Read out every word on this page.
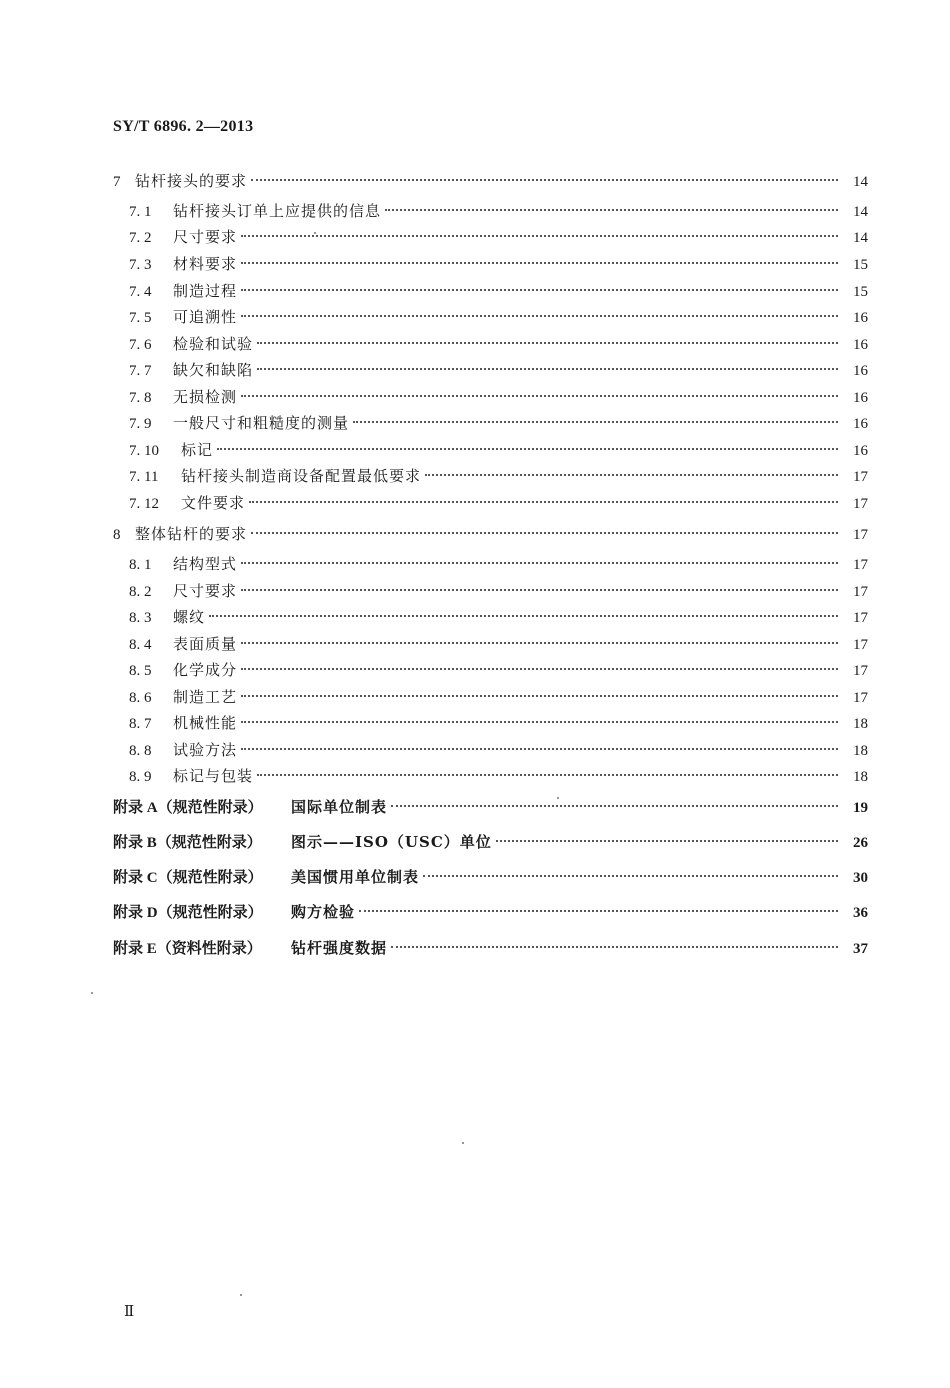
SY/T 6896. 2—2013
7 钻杆接头的要求	14
7. 1	钻杆接头订单上应提供的信息	14
7. 2	尺寸要求	14
7. 3	材料要求	15
7. 4	制造过程	15
7. 5	可追溯性	16
7. 6	检验和试验	16
7. 7	缺欠和缺陷	16
7. 8	无损检测	16
7. 9	一般尺寸和粗糙度的测量	16
7. 10	标记	16
7. 11	钻杆接头制造商设备配置最低要求	17
7. 12	文件要求	17
8 整体钻杆的要求	17
8. 1	结构型式	17
8. 2	尺寸要求	17
8. 3	螺纹	17
8. 4	表面质量	17
8. 5	化学成分	17
8. 6	制造工艺	17
8. 7	机械性能	18
8. 8	试验方法	18
8. 9	标记与包装	18
附录 A（规范性附录）	国际单位制表	19
附录 B（规范性附录）	图示——ISO（USC）单位	26
附录 C（规范性附录）	美国惯用单位制表	30
附录 D（规范性附录）	购方检验	36
附录 E（资料性附录）	钻杆强度数据	37
Ⅱ
